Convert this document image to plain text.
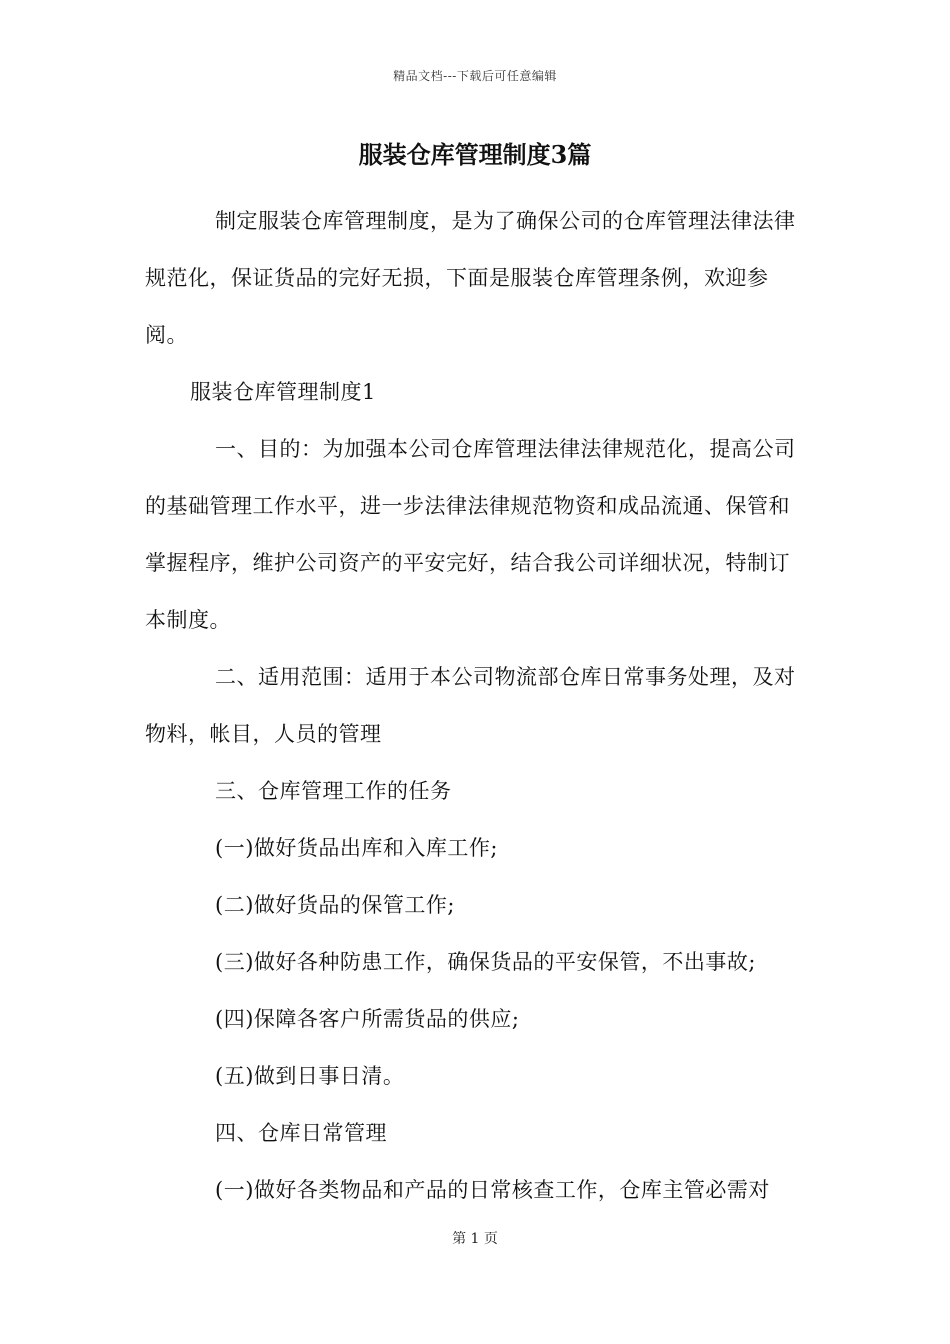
精品文档---下载后可任意编辑
服装仓库管理制度3篇

制定服装仓库管理制度，是为了确保公司的仓库管理法律法律规范化，保证货品的完好无损，下面是服装仓库管理条例，欢迎参阅。

服装仓库管理制度1

一、目的：为加强本公司仓库管理法律法律规范化，提高公司的基础管理工作水平，进一步法律法律规范物资和成品流通、保管和掌握程序，维护公司资产的平安完好，结合我公司详细状况，特制订本制度。

二、适用范围：适用于本公司物流部仓库日常事务处理，及对物料，帐目，人员的管理

三、仓库管理工作的任务

(一)做好货品出库和入库工作;

(二)做好货品的保管工作;

(三)做好各种防患工作，确保货品的平安保管，不出事故;

(四)保障各客户所需货品的供应;

(五)做到日事日清。

四、仓库日常管理

(一)做好各类物品和产品的日常核查工作，仓库主管必需对

第 1 页
